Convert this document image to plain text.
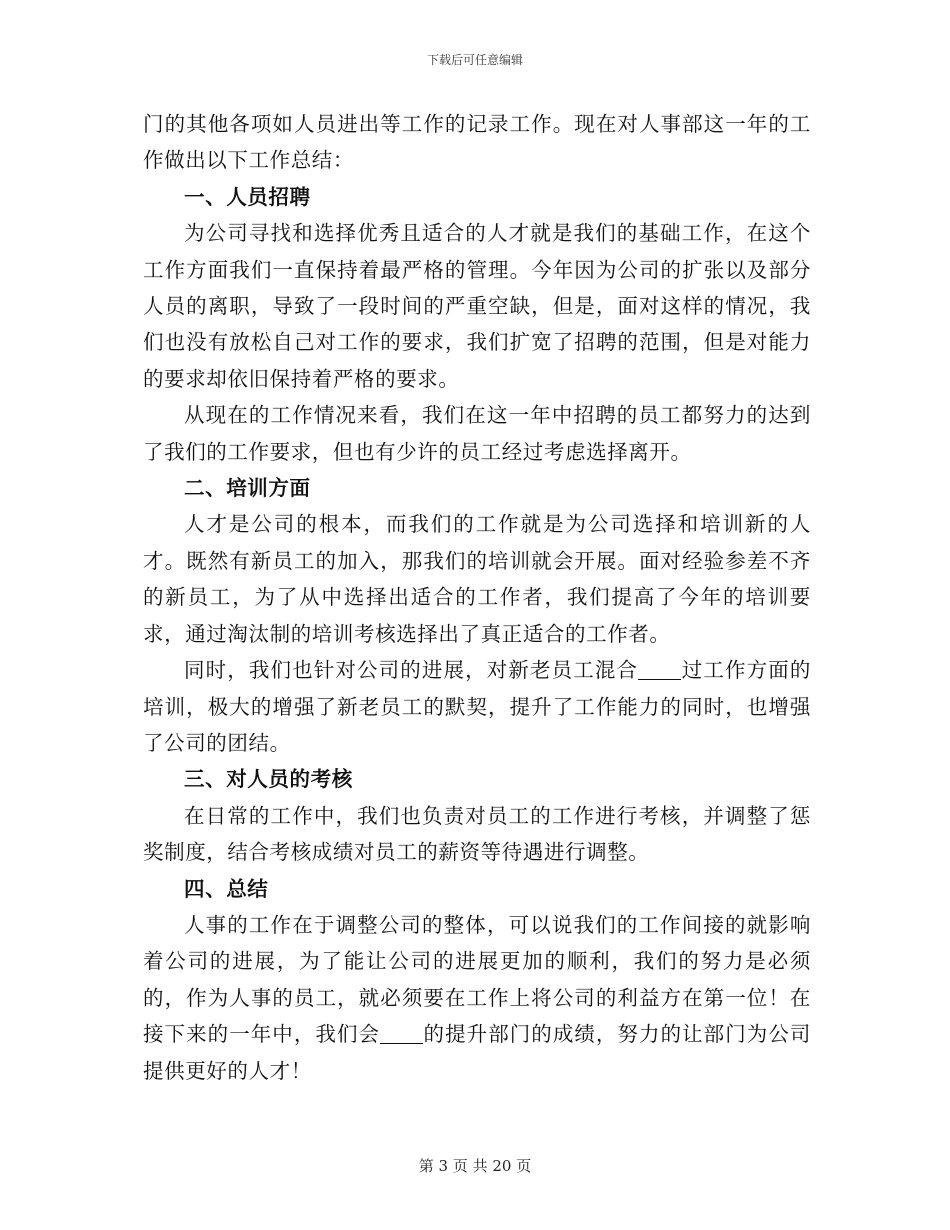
下载后可任意编辑

门的其他各项如人员进出等工作的记录工作。现在对人事部这一年的工作做出以下工作总结：

一、人员招聘

为公司寻找和选择优秀且适合的人才就是我们的基础工作，在这个工作方面我们一直保持着最严格的管理。今年因为公司的扩张以及部分人员的离职，导致了一段时间的严重空缺，但是，面对这样的情况，我们也没有放松自己对工作的要求，我们扩宽了招聘的范围，但是对能力的要求却依旧保持着严格的要求。

从现在的工作情况来看，我们在这一年中招聘的员工都努力的达到了我们的工作要求，但也有少许的员工经过考虑选择离开。

二、培训方面

人才是公司的根本，而我们的工作就是为公司选择和培训新的人才。既然有新员工的加入，那我们的培训就会开展。面对经验参差不齐的新员工，为了从中选择出适合的工作者，我们提高了今年的培训要求，通过淘汰制的培训考核选择出了真正适合的工作者。

同时，我们也针对公司的进展，对新老员工混合 过工作方面的培训，极大的增强了新老员工的默契，提升了工作能力的同时，也增强了公司的团结。

三、对人员的考核

在日常的工作中，我们也负责对员工的工作进行考核，并调整了惩奖制度，结合考核成绩对员工的薪资等待遇进行调整。

四、总结

人事的工作在于调整公司的整体，可以说我们的工作间接的就影响着公司的进展，为了能让公司的进展更加的顺利，我们的努力是必须的，作为人事的员工，就必须要在工作上将公司的利益方在第一位！在接下来的一年中，我们会 的提升部门的成绩，努力的让部门为公司提供更好的人才！

第 3 页 共 20 页
